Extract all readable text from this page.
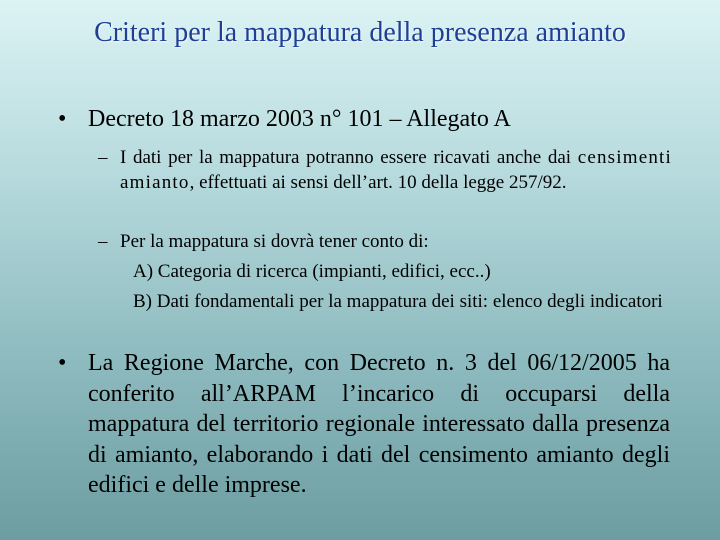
Criteri per la mappatura della presenza amianto
• Decreto 18 marzo 2003 n° 101 – Allegato A
– I dati per la mappatura potranno essere ricavati anche dai censimenti amianto, effettuati ai sensi dell’art. 10 della legge 257/92.
– Per la mappatura si dovrà tener conto di:
A) Categoria di ricerca (impianti, edifici, ecc..)
B) Dati fondamentali per la mappatura dei siti: elenco degli indicatori
• La Regione Marche, con Decreto n. 3 del 06/12/2005 ha conferito all’ARPAM l’incarico di occuparsi della mappatura del territorio regionale interessato dalla presenza di amianto, elaborando i dati del censimento amianto degli edifici e delle imprese.
